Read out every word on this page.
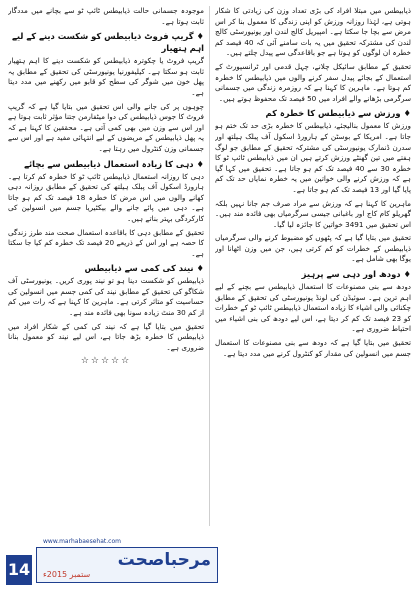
ذیابیطس میں مبتلا افراد کی بڑی تعداد وزن کی زیادتی کا شکار ہوتی ہے، لہٰذا روزانہ ورزش کو اپنی زندگی کا معمول بنا کر اس مرض سے بچا جا سکتا ہے۔ امپیریل کالج لندن اور یونیورسٹی کالج لندن کی مشترکہ تحقیق میں یہ بات سامنے آئی کہ 40 فیصد کم خطرہ ان لوگوں کو ہوتا ہے جو باقاعدگی سے پیدل چلتے ہیں۔

تحقیق کے مطابق سائیکل چلانے، چہل قدمی اور ٹرانسپورٹ کے استعمال کے بجائے پیدل سفر کرنے والوں میں ذیابیطس کا خطرہ کم ہوتا ہے۔ ماہرین کا کہنا ہے کہ روزمرہ زندگی میں جسمانی سرگرمی بڑھانے والے افراد میں 50 فیصد تک محفوظ ہوتے ہیں۔

♦ ورزش سے ذیابیطس کا خطرہ کم

ورزش کا معمول بنالیجئے، ذیابیطس کا خطرہ بڑی حد تک ختم ہو جاتا ہے۔ امریکا کے بوسٹن کے ہارورڈ اسکول آف پبلک ہیلتھ اور سدرن ڈنمارک یونیورسٹی کی مشترکہ تحقیق کے مطابق جو لوگ ہفتے میں تین گھنٹے ورزش کرتے ہیں ان میں ذیابیطس ٹائپ ٹو کا خطرہ 30 سے 40 فیصد تک کم ہو جاتا ہے۔ تحقیق میں کہا گیا ہے کہ ورزش کرنے والی خواتین میں یہ خطرہ نمایاں حد تک کم پایا گیا اور 13 فیصد تک کم ہو جاتا ہے۔

ماہرین کا کہنا ہے کہ ورزش سے مراد صرف جم جانا نہیں بلکہ گھریلو کام کاج اور باغبانی جیسی سرگرمیاں بھی فائدہ مند ہیں۔ اس تحقیق میں 3491 خواتین کا جائزہ لیا گیا۔

تحقیق میں بتایا گیا ہے کہ پٹھوں کو مضبوط کرنے والی سرگرمیاں ذیابیطس کے خطرات کو کم کرتی ہیں، جن میں وزن اٹھانا اور یوگا بھی شامل ہے۔

♦ دودھ اور دہی سے پرہیز

دودھ سے بنی مصنوعات کا استعمال ذیابیطس سے بچنے کے لیے اہم ترین ہے۔ سوئیڈن کی لونڈ یونیورسٹی کی تحقیق کے مطابق چکنائی والی اشیاء کا زیادہ استعمال ذیابیطس ٹائپ ٹو کے خطرات کو 23 فیصد تک کم کر دیتا ہے، اس لیے دودھ کی بنی اشیاء میں احتیاط ضروری ہے۔

تحقیق میں بتایا گیا ہے کہ دودھ سے بنی مصنوعات کا استعمال جسم میں انسولین کی مقدار کو کنٹرول کرنے میں مدد دیتا ہے۔

موجودہ جسمانی حالت ذیابیطس ٹائپ ٹو سے بچانے میں مددگار ثابت ہوتا ہے۔

♦ گریپ فروٹ ذیابیطس کو شکست دینے کے لیے اہم ہتھیار

گریپ فروٹ یا چکوترہ ذیابیطس کو شکست دینے کا اہم ہتھیار ثابت ہو سکتا ہے۔ کیلیفورنیا یونیورسٹی کی تحقیق کے مطابق یہ پھل خون میں شوگر کی سطح کو قابو میں رکھنے میں مدد دیتا ہے۔

چوہوں پر کی جانے والی اس تحقیق میں بتایا گیا ہے کہ گریپ فروٹ کا جوس ذیابیطس کی دوا میٹفارمن جتنا مؤثر ثابت ہوتا ہے اور اس سے وزن میں بھی کمی آتی ہے۔ محققین کا کہنا ہے کہ یہ پھل ذیابیطس کے مریضوں کے لیے انتہائی مفید ہے اور اس سے جسمانی وزن کنٹرول میں رہتا ہے۔

♦ دہی کا زیادہ استعمال ذیابیطس سے بچائے

دہی کا روزانہ استعمال ذیابیطس ٹائپ ٹو کا خطرہ کم کرتا ہے۔ ہارورڈ اسکول آف پبلک ہیلتھ کی تحقیق کے مطابق روزانہ دہی کھانے والوں میں اس مرض کا خطرہ 18 فیصد تک کم ہو جاتا ہے۔ دہی میں پائے جانے والے بیکٹیریا جسم میں انسولین کی کارکردگی بہتر بناتے ہیں۔

تحقیق کے مطابق دہی کا باقاعدہ استعمال صحت مند طرز زندگی کا حصہ ہے اور اس کے ذریعے 20 فیصد تک خطرہ کم کیا جا سکتا ہے۔

♦ نیند کی کمی سے ذیابیطس

ذیابیطس کو شکست دینا ہو تو نیند پوری کریں۔ یونیورسٹی آف شکاگو کی تحقیق کے مطابق نیند کی کمی جسم میں انسولین کی حساسیت کو متاثر کرتی ہے۔ ماہرین کا کہنا ہے کہ رات میں کم از کم 30 منٹ زیادہ سونا بھی فائدہ مند ہے۔

تحقیق میں بتایا گیا ہے کہ نیند کی کمی کے شکار افراد میں ذیابیطس کا خطرہ بڑھ جاتا ہے، اس لیے نیند کو معمول بنانا ضروری ہے۔

☆☆☆☆☆
14
www.marhabaesehat.com
مرحباصحت
ستمبر 2015ء
